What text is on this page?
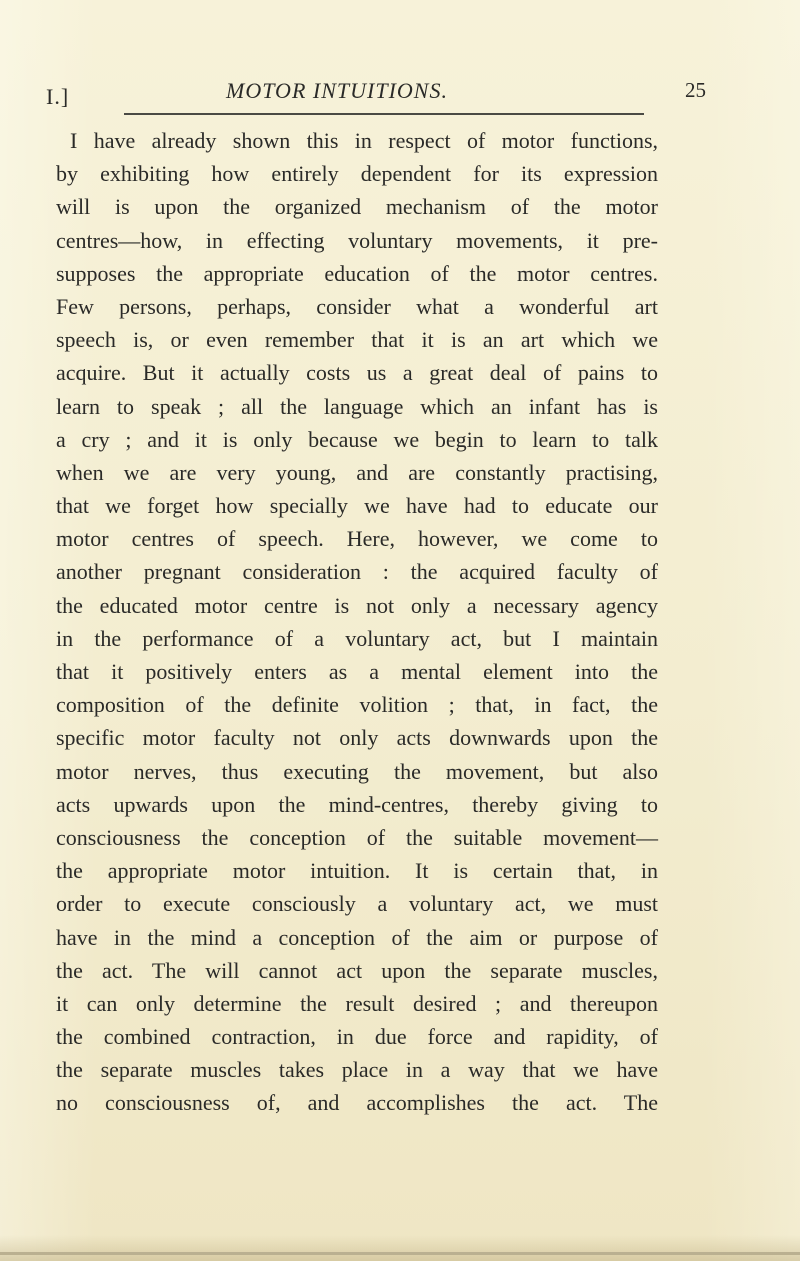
I.]	MOTOR INTUITIONS.	25
I have already shown this in respect of motor functions,
by exhibiting how entirely dependent for its expression
will is upon the organized mechanism of the motor
centres—how, in effecting voluntary movements, it pre-
supposes the appropriate education of the motor centres.
Few persons, perhaps, consider what a wonderful art
speech is, or even remember that it is an art which we
acquire. But it actually costs us a great deal of pains to
learn to speak ; all the language which an infant has is
a cry ; and it is only because we begin to learn to talk
when we are very young, and are constantly practising,
that we forget how specially we have had to educate our
motor centres of speech. Here, however, we come to
another pregnant consideration : the acquired faculty of
the educated motor centre is not only a necessary agency
in the performance of a voluntary act, but I maintain
that it positively enters as a mental element into the
composition of the definite volition ; that, in fact, the
specific motor faculty not only acts downwards upon the
motor nerves, thus executing the movement, but also
acts upwards upon the mind-centres, thereby giving to
consciousness the conception of the suitable movement—
the appropriate motor intuition. It is certain that, in
order to execute consciously a voluntary act, we must
have in the mind a conception of the aim or purpose of
the act. The will cannot act upon the separate muscles,
it can only determine the result desired ; and thereupon
the combined contraction, in due force and rapidity, of
the separate muscles takes place in a way that we have
no consciousness of, and accomplishes the act. The
